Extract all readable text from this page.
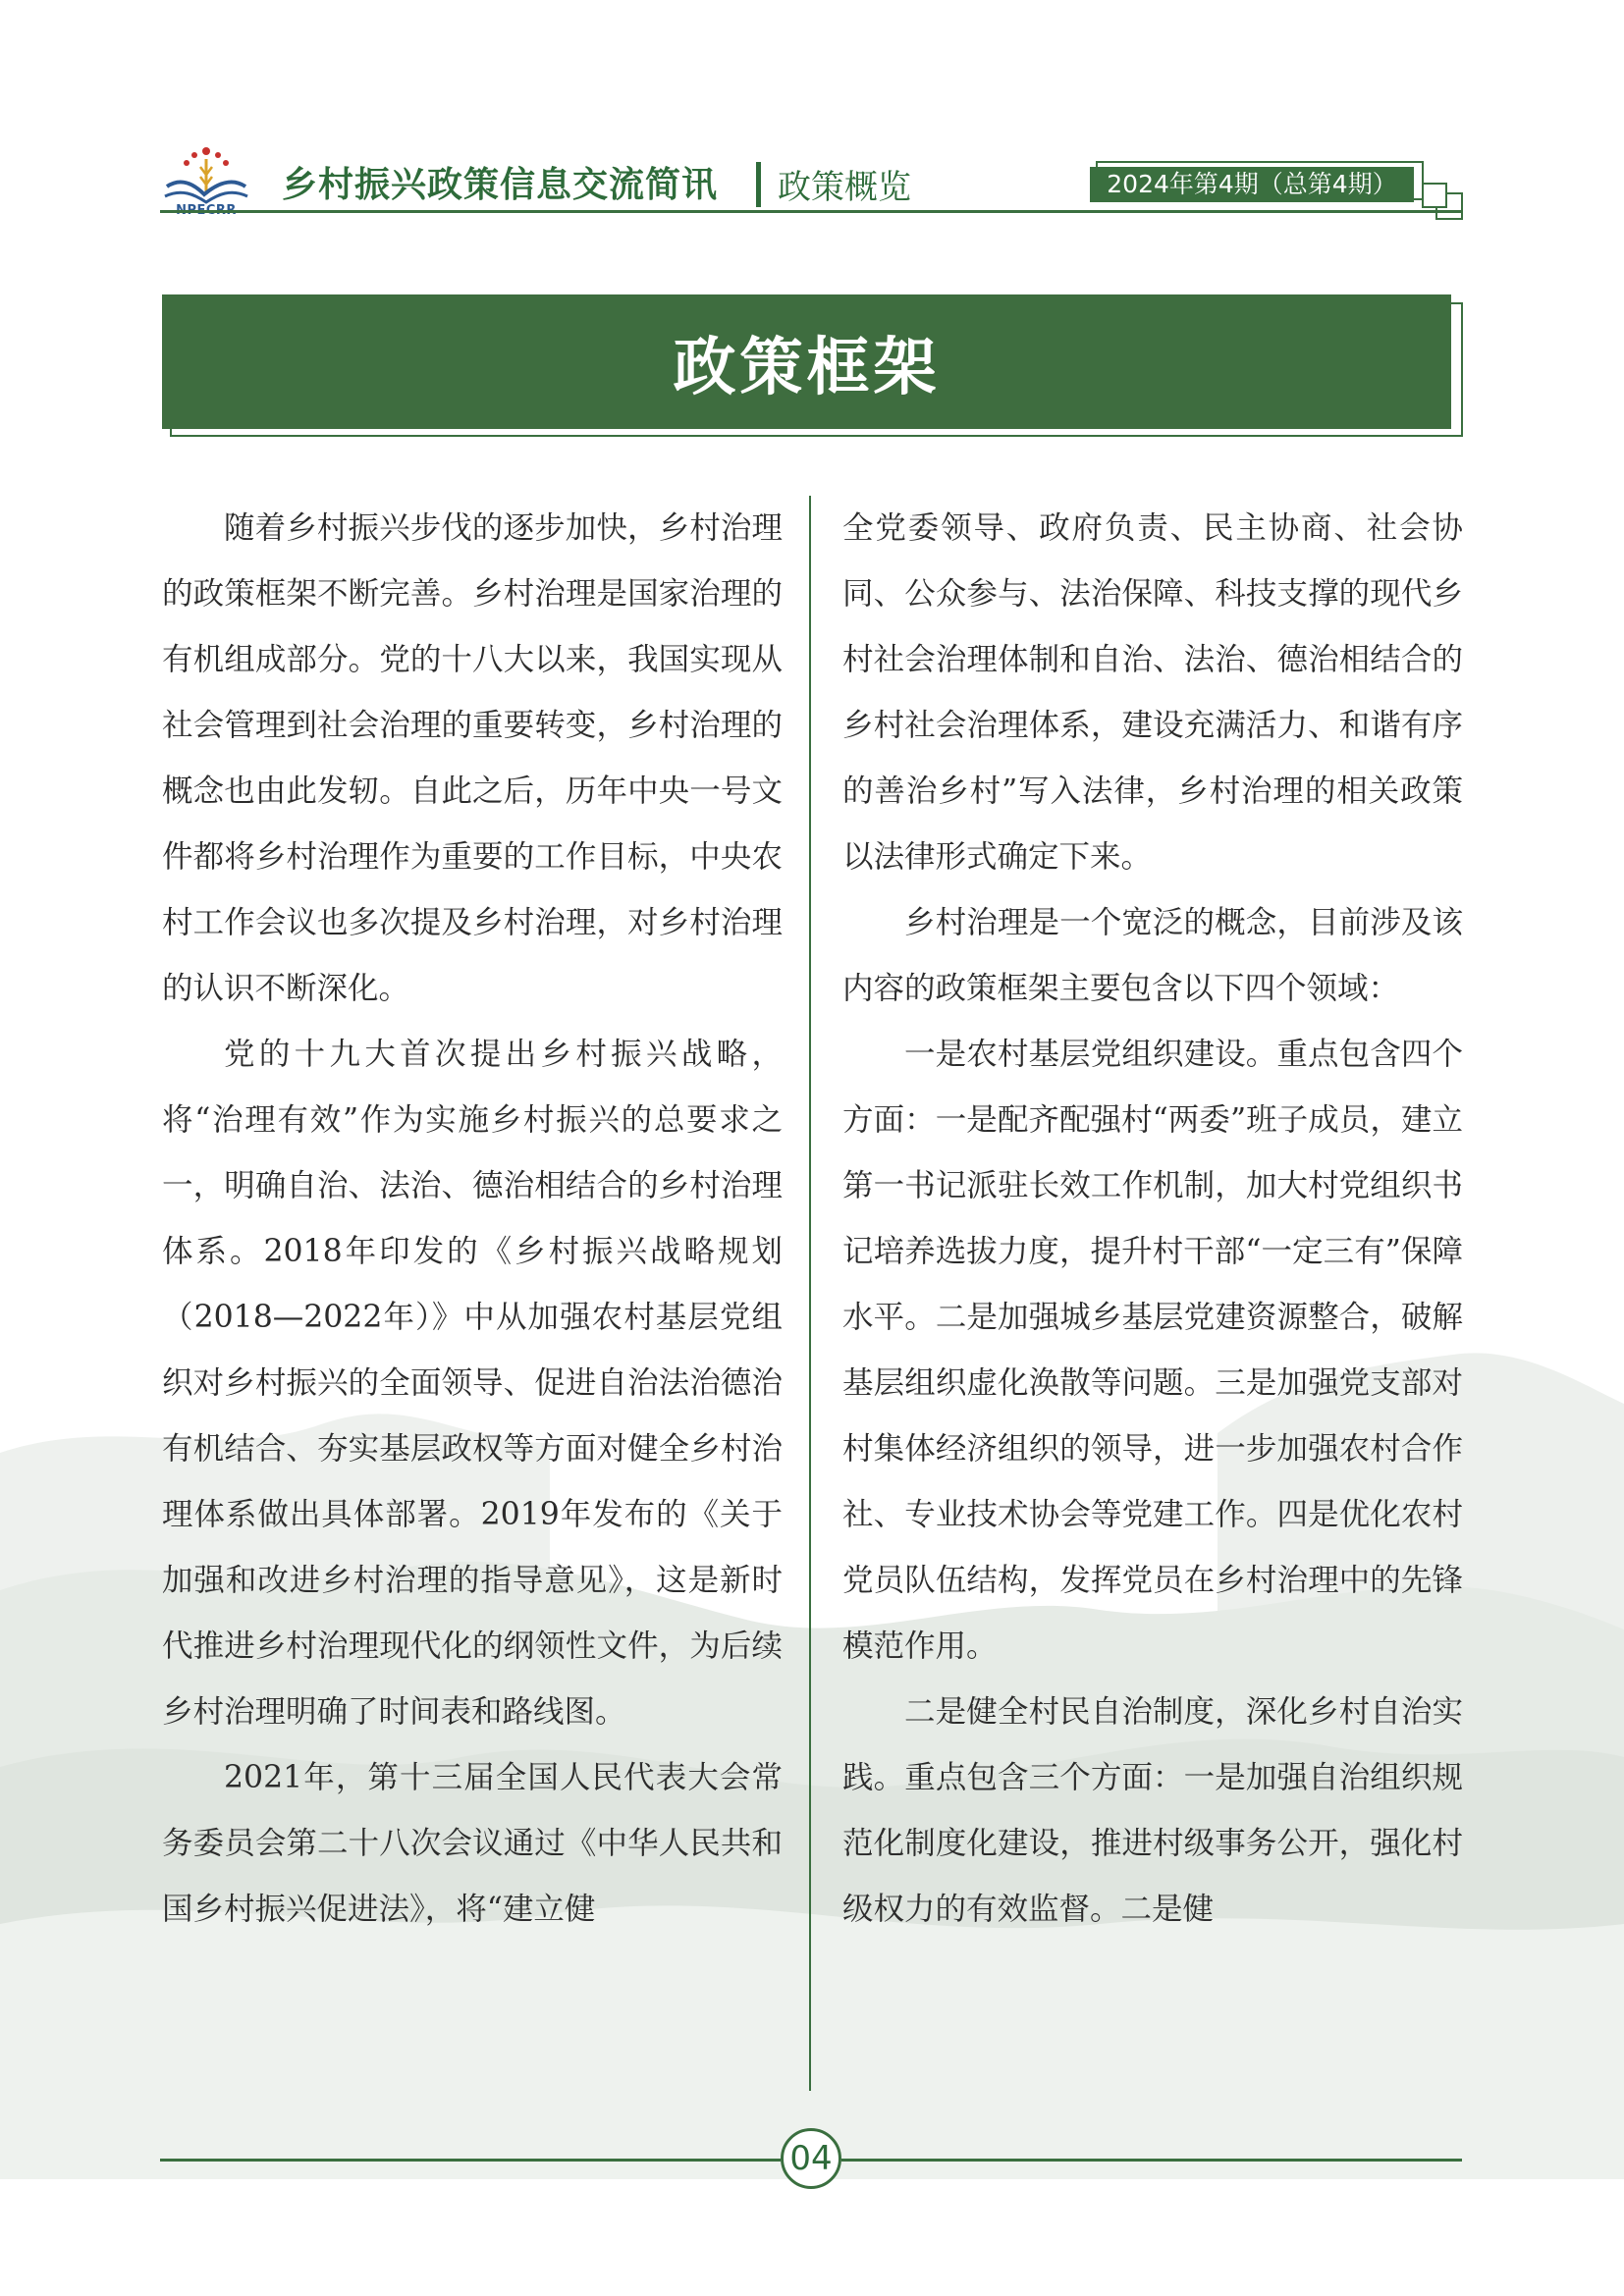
乡村振兴政策信息交流简讯 政策概览	2024年第4期（总第4期）
政策框架

随着乡村振兴步伐的逐步加快，乡村治理的政策框架不断完善。乡村治理是国家治理的有机组成部分。党的十八大以来，我国实现从社会管理到社会治理的重要转变，乡村治理的概念也由此发轫。自此之后，历年中央一号文件都将乡村治理作为重要的工作目标，中央农村工作会议也多次提及乡村治理，对乡村治理的认识不断深化。

党的十九大首次提出乡村振兴战略，将“治理有效”作为实施乡村振兴的总要求之一，明确自治、法治、德治相结合的乡村治理体系。2018年印发的《乡村振兴战略规划（2018—2022年）》中从加强农村基层党组织对乡村振兴的全面领导、促进自治法治德治有机结合、夯实基层政权等方面对健全乡村治理体系做出具体部署。2019年发布的《关于加强和改进乡村治理的指导意见》，这是新时代推进乡村治理现代化的纲领性文件，为后续乡村治理明确了时间表和路线图。

2021年，第十三届全国人民代表大会常务委员会第二十八次会议通过《中华人民共和国乡村振兴促进法》，将“建立健

全党委领导、政府负责、民主协商、社会协同、公众参与、法治保障、科技支撑的现代乡村社会治理体制和自治、法治、德治相结合的乡村社会治理体系，建设充满活力、和谐有序的善治乡村”写入法律，乡村治理的相关政策以法律形式确定下来。

乡村治理是一个宽泛的概念，目前涉及该内容的政策框架主要包含以下四个领域：

一是农村基层党组织建设。重点包含四个方面：一是配齐配强村“两委”班子成员，建立第一书记派驻长效工作机制，加大村党组织书记培养选拔力度，提升村干部“一定三有”保障水平。二是加强城乡基层党建资源整合，破解基层组织虚化涣散等问题。三是加强党支部对村集体经济组织的领导，进一步加强农村合作社、专业技术协会等党建工作。四是优化农村党员队伍结构，发挥党员在乡村治理中的先锋模范作用。

二是健全村民自治制度，深化乡村自治实践。重点包含三个方面：一是加强自治组织规范化制度化建设，推进村级事务公开，强化村级权力的有效监督。二是健

04
